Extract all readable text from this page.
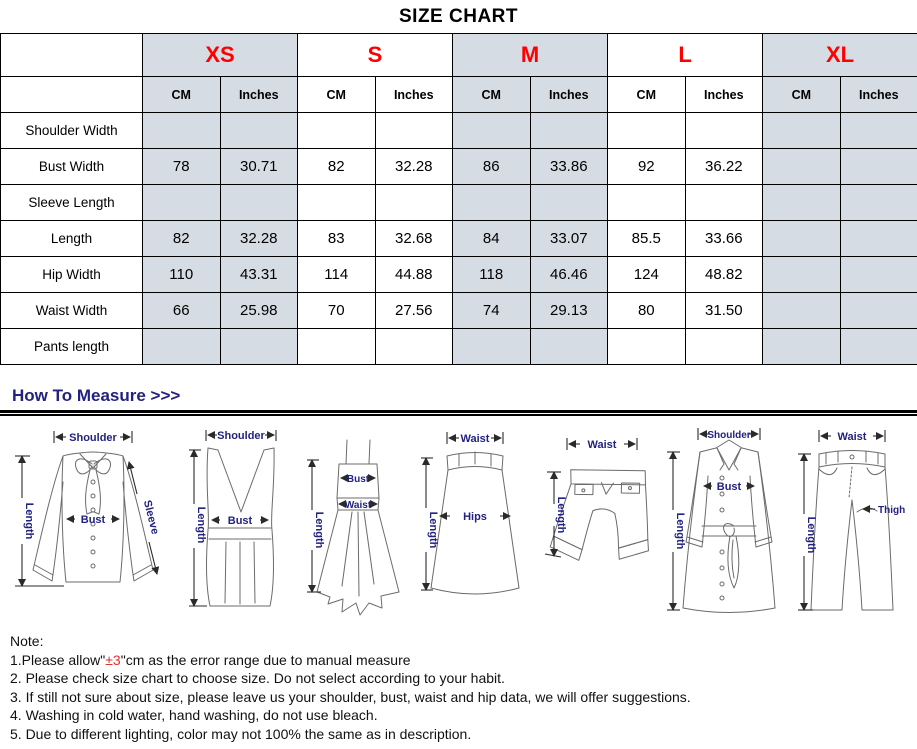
SIZE CHART
	XS		S		M		L		XL	
	CM	Inches	CM	Inches	CM	Inches	CM	Inches	CM	Inches
Shoulder Width										
Bust Width	78	30.71	82	32.28	86	33.86	92	36.22		
Sleeve Length										
Length	82	32.28	83	32.68	84	33.07	85.5	33.66		
Hip Width	110	43.31	114	44.88	118	46.46	124	48.82		
Waist Width	66	25.98	70	27.56	74	29.13	80	31.50		
Pants length										
How To Measure >>>
Shoulder
Length	Bust	Sleeve
Shoulder
Length Bust	Length
Bust
Waist
Waist
Length Hips
Waist
Length
Shoulder
Length
Bust
Waist
Length
Thigh
Note:
1.Please allow"±3"cm as the error range due to manual measure
2. Please check size chart to choose size. Do not select according to your habit.
3. If still not sure about size, please leave us your shoulder, bust, waist and hip data, we will offer suggestions.
4. Washing in cold water, hand washing, do not use bleach.
5. Due to different lighting, color may not 100% the same as in description.
